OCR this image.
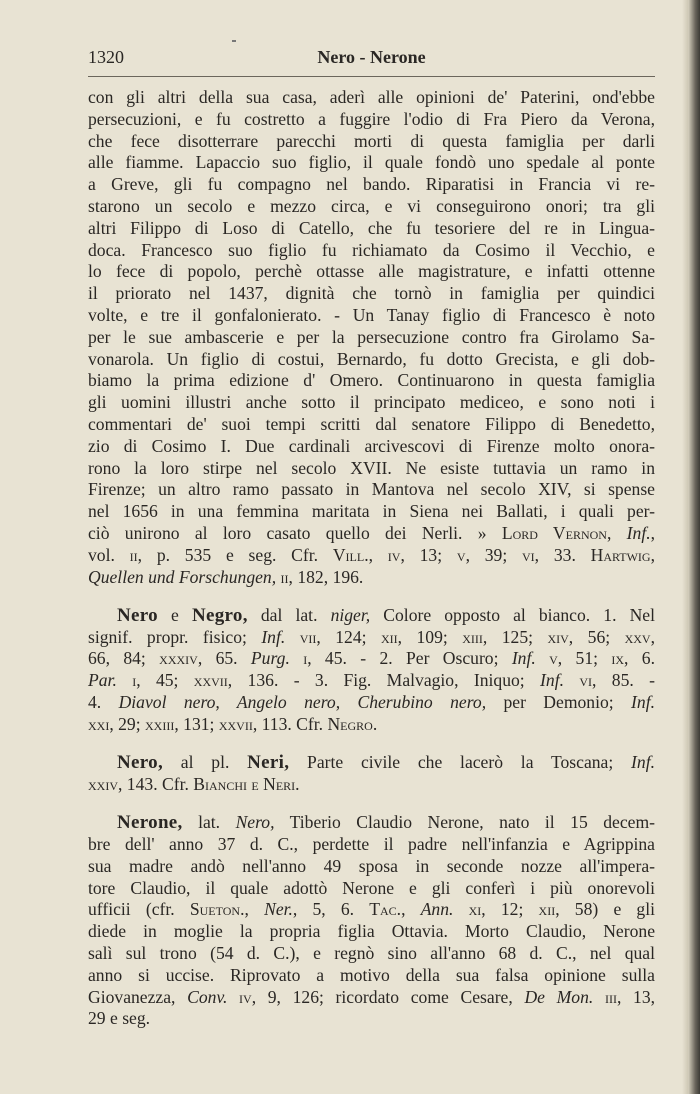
1320	Nero - Nerone
con gli altri della sua casa, aderì alle opinioni de' Paterini, ond'ebbe
persecuzioni, e fu costretto a fuggire l'odio di Fra Piero da Verona,
che fece disotterrare parecchi morti di questa famiglia per darli
alle fiamme. Lapaccio suo figlio, il quale fondò uno spedale al ponte
a Greve, gli fu compagno nel bando. Riparatisi in Francia vi re-
starono un secolo e mezzo circa, e vi conseguirono onori; tra gli
altri Filippo di Loso di Catello, che fu tesoriere del re in Lingua-
doca. Francesco suo figlio fu richiamato da Cosimo il Vecchio, e
lo fece di popolo, perchè ottasse alle magistrature, e infatti ottenne
il priorato nel 1437, dignità che tornò in famiglia per quindici
volte, e tre il gonfalonierato. - Un Tanay figlio di Francesco è noto
per le sue ambascerie e per la persecuzione contro fra Girolamo Sa-
vonarola. Un figlio di costui, Bernardo, fu dotto Grecista, e gli dob-
biamo la prima edizione d' Omero. Continuarono in questa famiglia
gli uomini illustri anche sotto il principato mediceo, e sono noti i
commentari de' suoi tempi scritti dal senatore Filippo di Benedetto,
zio di Cosimo I. Due cardinali arcivescovi di Firenze molto onora-
rono la loro stirpe nel secolo XVII. Ne esiste tuttavia un ramo in
Firenze; un altro ramo passato in Mantova nel secolo XIV, si spense
nel 1656 in una femmina maritata in Siena nei Ballati, i quali per-
ciò unirono al loro casato quello dei Nerli. » Lord Vernon, Inf.,
vol. ii, p. 535 e seg. Cfr. Vill., iv, 13; v, 39; vi, 33. Hartwig,
Quellen und Forschungen, ii, 182, 196.
Nero e Negro, dal lat. niger, Colore opposto al bianco. 1. Nel
signif. propr. fisico; Inf. vii, 124; xii, 109; xiii, 125; xiv, 56; xxv,
66, 84; xxxiv, 65. Purg. i, 45. - 2. Per Oscuro; Inf. v, 51; ix, 6.
Par. i, 45; xxvii, 136. - 3. Fig. Malvagio, Iniquo; Inf. vi, 85. -
4. Diavol nero, Angelo nero, Cherubino nero, per Demonio; Inf.
xxi, 29; xxiii, 131; xxvii, 113. Cfr. Negro.
Nero, al pl. Neri, Parte civile che lacerò la Toscana; Inf.
xxiv, 143. Cfr. Bianchi e Neri.
Nerone, lat. Nero, Tiberio Claudio Nerone, nato il 15 decem-
bre dell' anno 37 d. C., perdette il padre nell'infanzia e Agrippina
sua madre andò nell'anno 49 sposa in seconde nozze all'impera-
tore Claudio, il quale adottò Nerone e gli conferì i più onorevoli
ufficii (cfr. Sueton., Ner., 5, 6. Tac., Ann. xi, 12; xii, 58) e gli
diede in moglie la propria figlia Ottavia. Morto Claudio, Nerone
salì sul trono (54 d. C.), e regnò sino all'anno 68 d. C., nel qual
anno si uccise. Riprovato a motivo della sua falsa opinione sulla
Giovanezza, Conv. iv, 9, 126; ricordato come Cesare, De Mon. iii, 13,
29 e seg.
